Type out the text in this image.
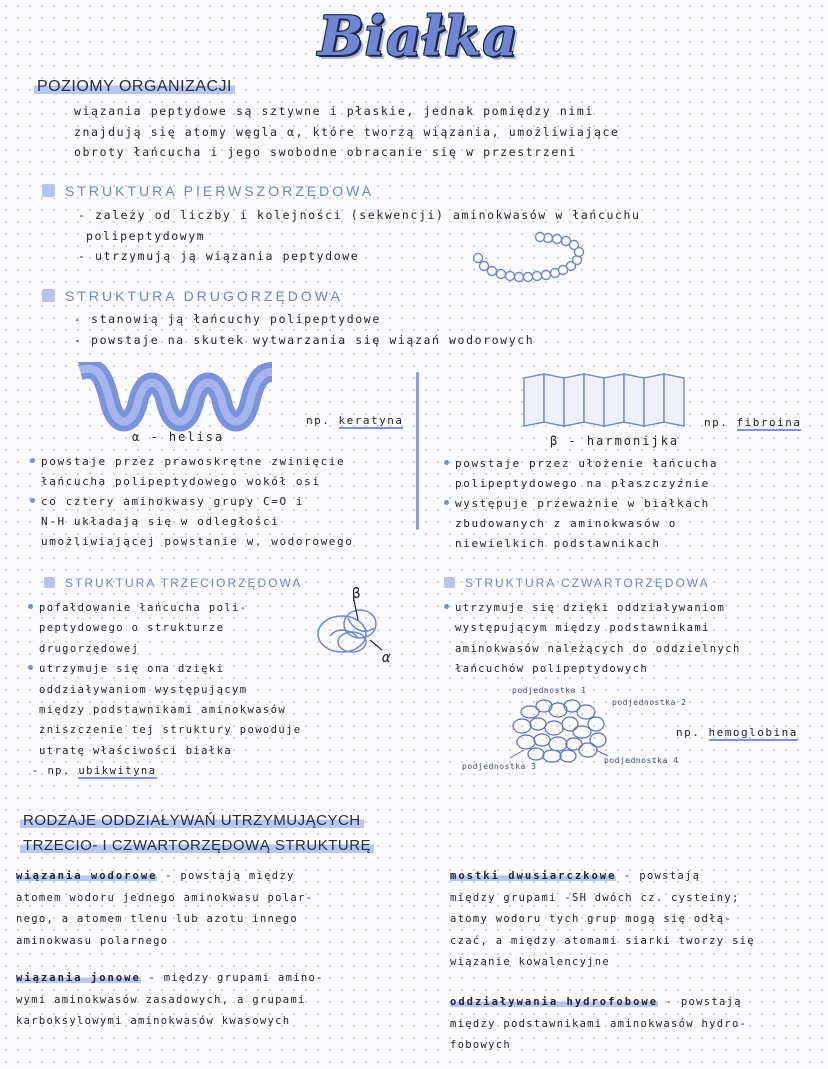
Białka
POZIOMY ORGANIZACJI
wiązania peptydowe są sztywne i płaskie, jednak pomiędzy nimi
znajdują się atomy węgla α, które tworzą wiązania, umożliwiające
obroty łańcucha i jego swobodne obracanie się w przestrzeni
STRUKTURA PIERWSZORZĘDOWA
- zależy od liczby i kolejności (sekwencji) aminokwasów w łańcuchu
polipeptydowym
- utrzymują ją wiązania peptydowe
STRUKTURA DRUGORZĘDOWA
- stanowią ją łańcuchy polipeptydowe
- powstaje na skutek wytwarzania się wiązań wodorowych
np. keratyna
α - helisa
powstaje przez prawoskrętne zwinięcie
łańcucha polipeptydowego wokół osi
co cztery aminokwasy grupy C=O i
N-H układają się w odległości
umożliwiającej powstanie w. wodorowego
np. fibroina
β - harmonijka
powstaje przez ułożenie łańcucha
polipeptydowego na płaszczyźnie
występuje przeważnie w białkach
zbudowanych z aminokwasów o
niewielkich podstawnikach
STRUKTURA TRZECIORZĘDOWA
pofałdowanie łańcucha poli-
peptydowego o strukturze
drugorzędowej
utrzymuje się ona dzięki
oddziaływaniom występującym
między podstawnikami aminokwasów
zniszczenie tej struktury powoduje
utratę właściwości białka
- np. ubikwityna
β
α
STRUKTURA CZWARTORZĘDOWA
utrzymuje się dzięki oddziaływaniom
występującym między podstawnikami
aminokwasów należących do oddzielnych
łańcuchów polipeptydowych
podjednostka 1
podjednostka 2
podjednostka 3
podjednostka 4
np. hemoglobina
RODZAJE ODDZIAŁYWAŃ UTRZYMUJĄCYCH
TRZECIO- I CZWARTORZĘDOWĄ STRUKTURĘ
wiązania wodorowe - powstają między
atomem wodoru jednego aminokwasu polar-
nego, a atomem tlenu lub azotu innego
aminokwasu polarnego
wiązania jonowe - między grupami amino-
wymi aminokwasów zasadowych, a grupami
karboksylowymi aminokwasów kwasowych
mostki dwusiarczkowe - powstają
między grupami -SH dwóch cz. cysteiny;
atomy wodoru tych grup mogą się odłą-
czać, a między atomami siarki tworzy się
wiązanie kowalencyjne
oddziaływania hydrofobowe - powstają
między podstawnikami aminokwasów hydro-
fobowych
